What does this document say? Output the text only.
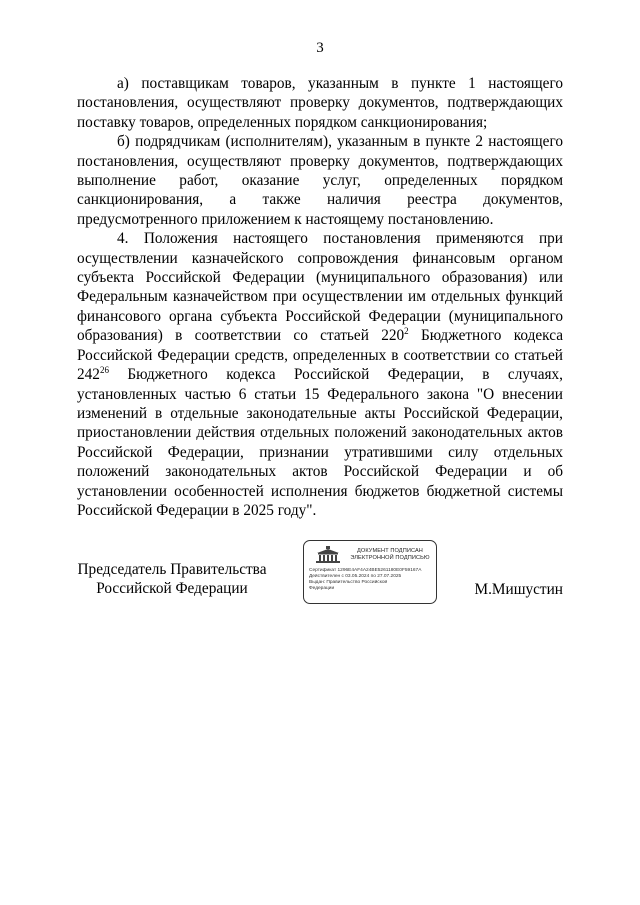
3

а) поставщикам товаров, указанным в пункте 1 настоящего постановления, осуществляют проверку документов, подтверждающих поставку товаров, определенных порядком санкционирования;

б) подрядчикам (исполнителям), указанным в пункте 2 настоящего постановления, осуществляют проверку документов, подтверждающих выполнение работ, оказание услуг, определенных порядком санкционирования, а также наличия реестра документов, предусмотренного приложением к настоящему постановлению.

4. Положения настоящего постановления применяются при осуществлении казначейского сопровождения финансовым органом субъекта Российской Федерации (муниципального образования) или Федеральным казначейством при осуществлении им отдельных функций финансового органа субъекта Российской Федерации (муниципального образования) в соответствии со статьей $220^2$ Бюджетного кодекса Российской Федерации средств, определенных в соответствии со статьей $242^{26}$ Бюджетного кодекса Российской Федерации, в случаях, установленных частью 6 статьи 15 Федерального закона "О внесении изменений в отдельные законодательные акты Российской Федерации, приостановлении действия отдельных положений законодательных актов Российской Федерации, признании утратившими силу отдельных положений законодательных актов Российской Федерации и об установлении особенностей исполнения бюджетов бюджетной системы Российской Федерации в 2025 году".

Председатель Правительства
Российской Федерации
ДОКУМЕНТ ПОДПИСАН
ЭЛЕКТРОННОЙ ПОДПИСЬЮ
Сертификат 1296E4AF4A24BE5261180E0F59167A
Действителен с 03.05.2024 по 27.07.2025
Выдан: Правительство Российской
Федерации	М.Мишустин
